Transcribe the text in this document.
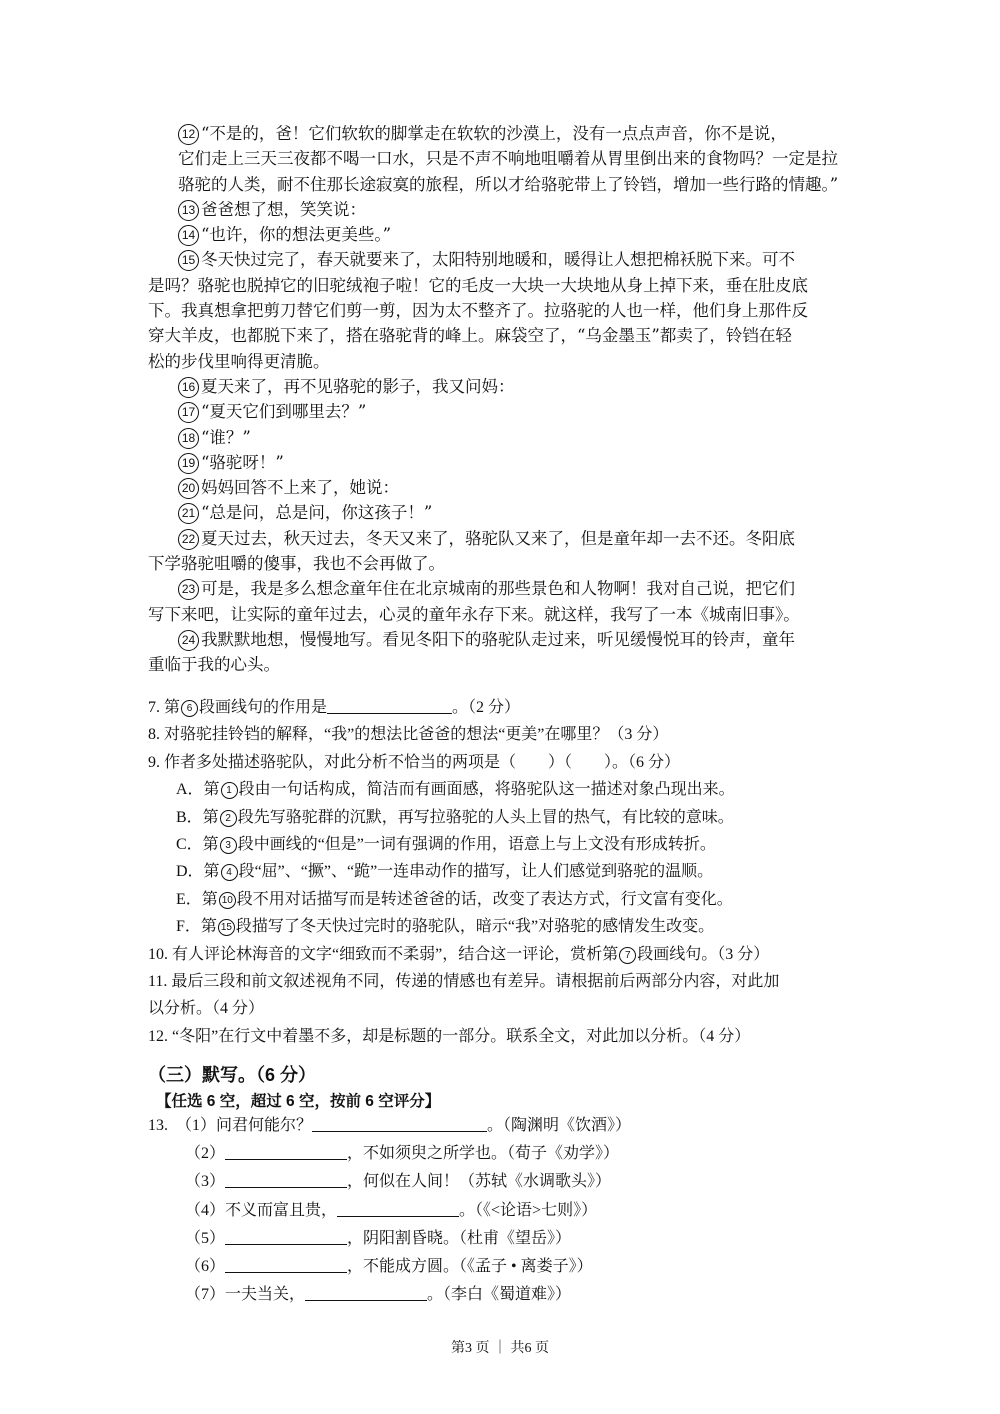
12 “不是的，爸！它们软软的脚掌走在软软的沙漠上，没有一点点声音，你不是说，

它们走上三天三夜都不喝一口水，只是不声不响地咀嚼着从胃里倒出来的食物吗？一定是拉

骆驼的人类，耐不住那长途寂寞的旅程，所以才给骆驼带上了铃铛，增加一些行路的情趣。”

13 爸爸想了想，笑笑说：

14 “也许，你的想法更美些。”

15 冬天快过完了，春天就要来了，太阳特别地暖和，暖得让人想把棉袄脱下来。可不

是吗？骆驼也脱掉它的旧驼绒袍子啦！它的毛皮一大块一大块地从身上掉下来，垂在肚皮底

下。我真想拿把剪刀替它们剪一剪，因为太不整齐了。拉骆驼的人也一样，他们身上那件反

穿大羊皮，也都脱下来了，搭在骆驼背的峰上。麻袋空了，“乌金墨玉”都卖了，铃铛在轻

松的步伐里响得更清脆。

16 夏天来了，再不见骆驼的影子，我又问妈：

17 “夏天它们到哪里去？”

18 “谁？”

19 “骆驼呀！”

20 妈妈回答不上来了，她说：

21 “总是问，总是问，你这孩子！”

22 夏天过去，秋天过去，冬天又来了，骆驼队又来了，但是童年却一去不还。冬阳底

下学骆驼咀嚼的傻事，我也不会再做了。

23 可是，我是多么想念童年住在北京城南的那些景色和人物啊！我对自己说，把它们

写下来吧，让实际的童年过去，心灵的童年永存下来。就这样，我写了一本《城南旧事》。

24 我默默地想，慢慢地写。看见冬阳下的骆驼队走过来，听见缓慢悦耳的铃声，童年

重临于我的心头。

7. 第 6 段画线句的作用是	。（2 分）

8. 对骆驼挂铃铛的解释，“我”的想法比爸爸的想法“更美”在哪里？（3 分）

9. 作者多处描述骆驼队，对此分析不恰当的两项是（　　）（　　）。（6 分）

A．第 1 段由一句话构成，简洁而有画面感，将骆驼队这一描述对象凸现出来。

B．第 2 段先写骆驼群的沉默，再写拉骆驼的人头上冒的热气，有比较的意味。

C．第 3 段中画线的“但是”一词有强调的作用，语意上与上文没有形成转折。

D．第 4 段“屈”、“撅”、“跪”一连串动作的描写，让人们感觉到骆驼的温顺。

E．第 10 段不用对话描写而是转述爸爸的话，改变了表达方式，行文富有变化。

F．第 15 段描写了冬天快过完时的骆驼队，暗示“我”对骆驼的感情发生改变。

10. 有人评论林海音的文字“细致而不柔弱”，结合这一评论，赏析第 7 段画线句。（3 分）

11. 最后三段和前文叙述视角不同，传递的情感也有差异。请根据前后两部分内容，对此加

以分析。（4 分）

12. “冬阳”在行文中着墨不多，却是标题的一部分。联系全文，对此加以分析。（4 分）

（三）默写。（6 分）
【任选 6 空，超过 6 空，按前 6 空评分】

13. （1）问君何能尔？	。（陶渊明《饮酒》）

（2）	，不如须臾之所学也。（荀子《劝学》）

（3）	，何似在人间！（苏轼《水调歌头》）

（4）不义而富且贵，	。（《<论语>七则》）

（5）	，阴阳割昏晓。（杜甫《望岳》）

（6）	，不能成方圆。（《孟子 • 离娄子》）

（7）一夫当关，	。（李白《蜀道难》）

第3 页 ｜ 共6 页
